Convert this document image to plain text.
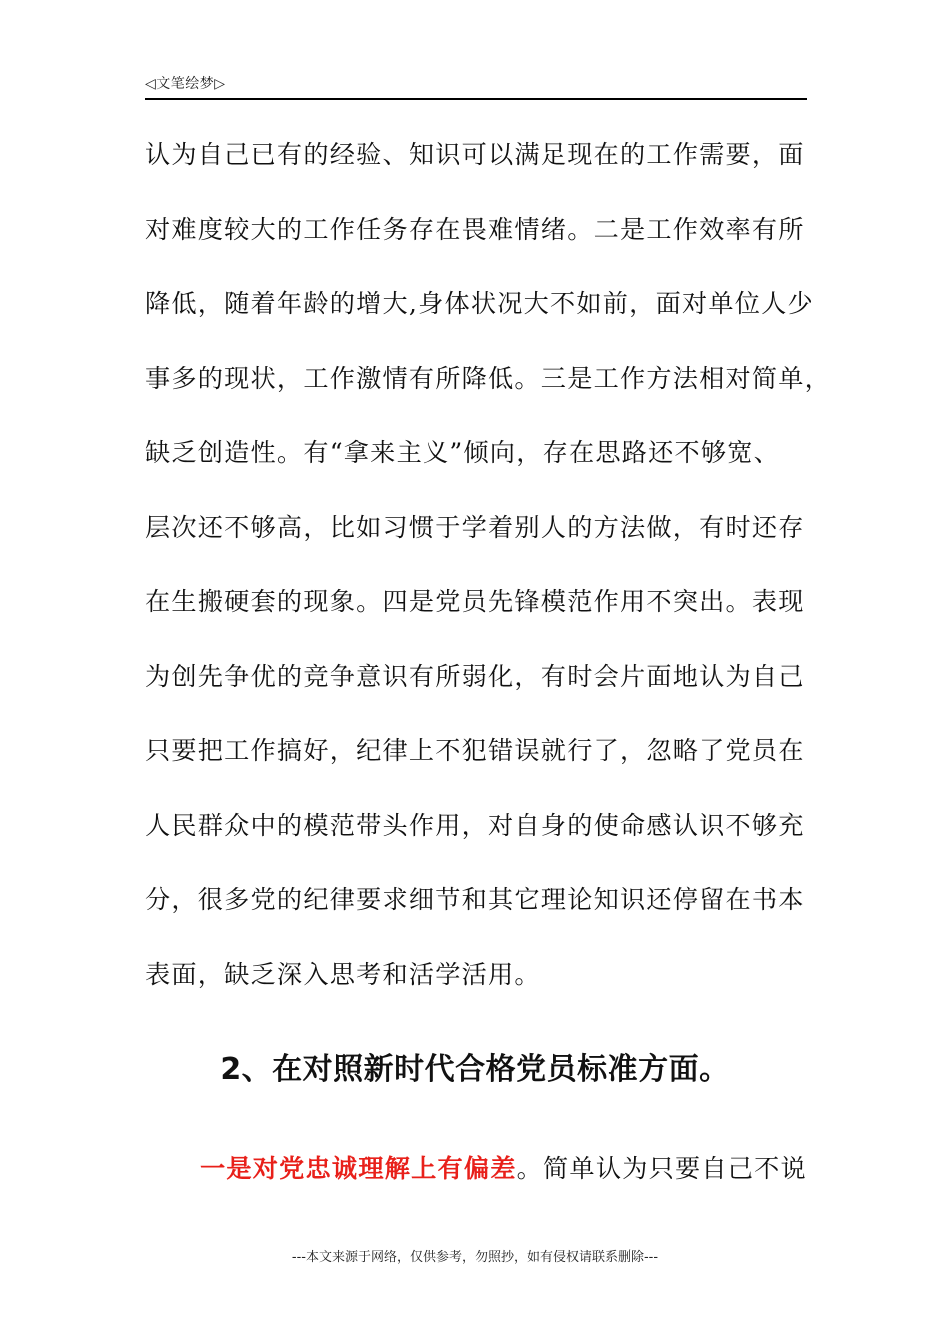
◁文笔绘梦▷
认为自己已有的经验、知识可以满足现在的工作需要，面
对难度较大的工作任务存在畏难情绪。二是工作效率有所
降低，随着年龄的增大,身体状况大不如前，面对单位人少
事多的现状，工作激情有所降低。三是工作方法相对简单，
缺乏创造性。有“拿来主义”倾向，存在思路还不够宽、
层次还不够高，比如习惯于学着别人的方法做，有时还存
在生搬硬套的现象。四是党员先锋模范作用不突出。表现
为创先争优的竞争意识有所弱化，有时会片面地认为自己
只要把工作搞好，纪律上不犯错误就行了，忽略了党员在
人民群众中的模范带头作用，对自身的使命感认识不够充
分，很多党的纪律要求细节和其它理论知识还停留在书本
表面，缺乏深入思考和活学活用。
2、在对照新时代合格党员标准方面。

一是对党忠诚理解上有偏差。简单认为只要自己不说

---本文来源于网络，仅供参考，勿照抄，如有侵权请联系删除---
